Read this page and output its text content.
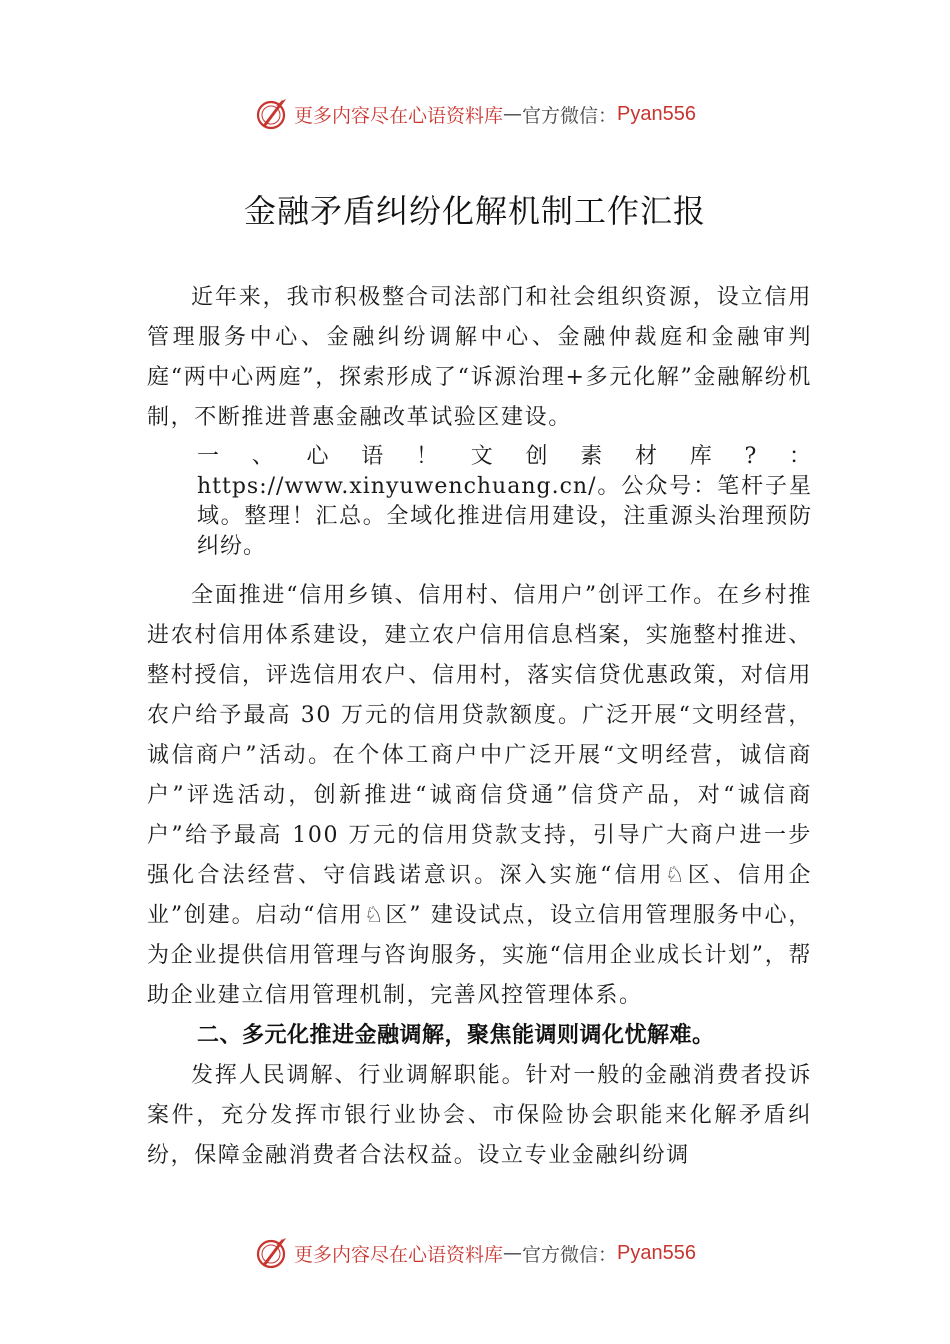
更多内容尽在心语资料库 — 官方微信： Pyan556
金融矛盾纠纷化解机制工作汇报

近年来，我市积极整合司法部门和社会组织资源，设立信用管理服务中心、金融纠纷调解中心、金融仲裁庭和金融审判庭“两中心两庭”，探索形成了“诉源治理+多元化解”金融解纷机制，不断推进普惠金融改革试验区建设。

一、心语！文创素材库?：https://www.xinyuwenchuang.cn/。公众号：笔杆子星域。整理！汇总。全域化推进信用建设，注重源头治理预防纠纷。

全面推进“信用乡镇、信用村、信用户”创评工作。在乡村推进农村信用体系建设，建立农户信用信息档案，实施整村推进、整村授信，评选信用农户、信用村，落实信贷优惠政策，对信用农户给予最高 30 万元的信用贷款额度。广泛开展“文明经营，诚信商户”活动。在个体工商户中广泛开展“文明经营，诚信商户”评选活动，创新推进“诚商信贷通”信贷产品，对“诚信商户”给予最高 100 万元的信用贷款支持，引导广大商户进一步强化合法经营、守信践诺意识。深入实施“信用♘区、信用企业”创建。启动“信用♘区” 建设试点，设立信用管理服务中心，为企业提供信用管理与咨询服务，实施“信用企业成长计划”，帮助企业建立信用管理机制，完善风控管理体系。

二、多元化推进金融调解，聚焦能调则调化忧解难。

发挥人民调解、行业调解职能。针对一般的金融消费者投诉案件，充分发挥市银行业协会、市保险协会职能来化解矛盾纠纷，保障金融消费者合法权益。设立专业金融纠纷调

更多内容尽在心语资料库 — 官方微信： Pyan556
